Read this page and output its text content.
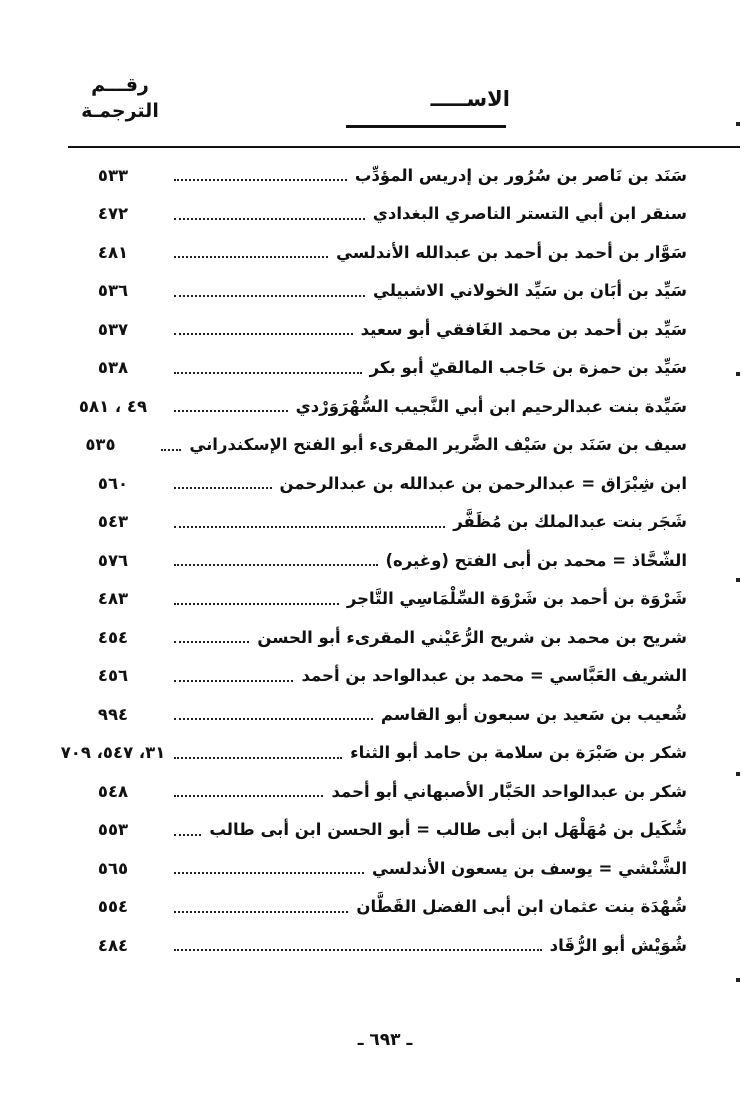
رقـــم
الترجمـة	الاســـــ
سَنَد بن نَاصر بن سُرُور بن إدريس المؤدِّب
٥٣٣
سنقر ابن أبي التستر الناصري البغدادي
٤٧٢
سَوَّار بن أحمد بن أحمد بن عبدالله الأندلسي
٤٨١
سَيِّد بن أبَان بن سَيِّد الخولاني الاشبيلي
٥٣٦
سَيِّد بن أحمد بن محمد الغَافقي أبو سعيد
٥٣٧
سَيِّد بن حمزة بن حَاجب المالقيّ أبو بكر
٥٣٨
سَيِّدة بنت عبدالرحيم ابن أبي النَّجيب السُّهْرَوَرْدي
٤٩ ، ٥٨١
سيف بن سَنَد بن سَيْف الضَّرير المقرىء أبو الفتح الإسكندراني
٥٣٥
ابن شِبْرَاق = عبدالرحمن بن عبدالله بن عبدالرحمن
٥٦٠
شَجَر بنت عبدالملك بن مُظَفَّر
٥٤٣
الشّحَّاذ = محمد بن أبى الفتح (وغيره)
٥٧٦
شَرْوَة بن أحمد بن شَرْوَة السِّلْمَاسِي التَّاجر
٤٨٣
شريح بن محمد بن شريح الرُّعَيْني المقرىء أبو الحسن
٤٥٤
الشريف العَبَّاسي = محمد بن عبدالواحد بن أحمد
٤٥٦
شُعيب بن سَعيد بن سبعون أبو القاسم
٩٩٤
شكر بن صَبْرَة بن سلامة بن حامد أبو الثناء
٣١، ٥٤٧، ٧٠٩
شكر بن عبدالواحد الحَبَّار الأصبهاني أبو أحمد
٥٤٨
شُكَيل بن مُهَلْهَل ابن أبى طالب = أبو الحسن ابن أبى طالب
٥٥٣
الشَّنْشي = يوسف بن يسعون الأندلسي
٥٦٥
شُهْدَة بنت عثمان ابن أبى الفضل القَطَّان
٥٥٤
شُوَيْش أبو الرُّقَاد
٤٨٤
ـ ٦٩٣ ـ
